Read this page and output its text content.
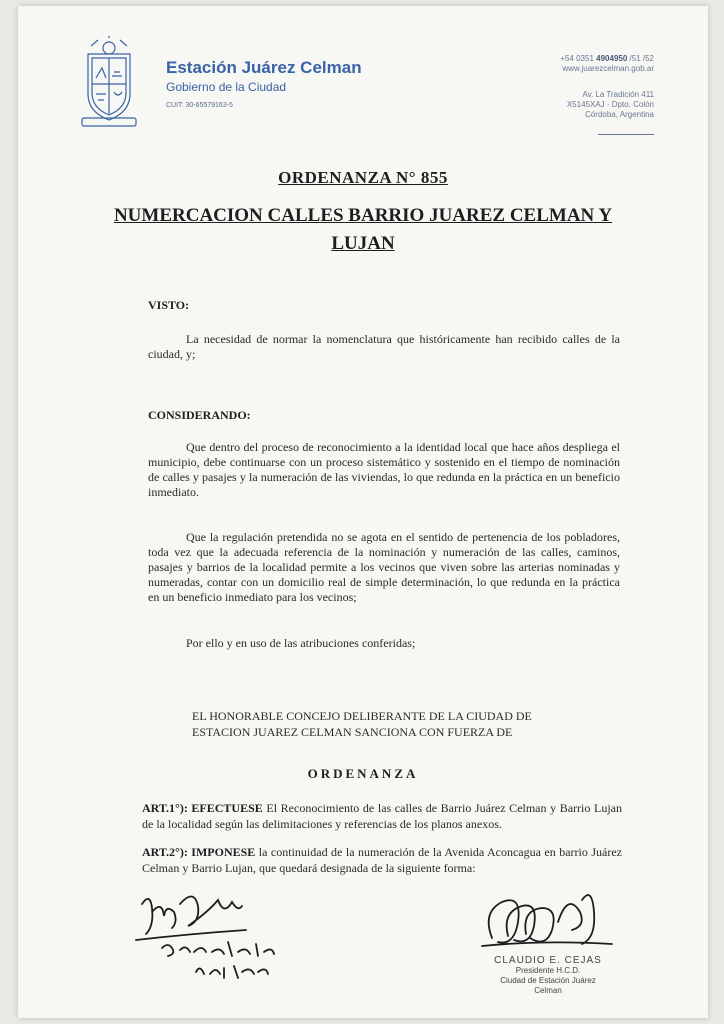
Estación Juárez Celman
Gobierno de la Ciudad
CUIT: 30-65579163-5
+54 0351 4904950 /51 /52
www.juarezcelman.gob.ar
Av. La Tradición 411
X5145XAJ · Dpto. Colón
Córdoba, Argentina
ORDENANZA N° 855
NUMERCACION CALLES BARRIO JUAREZ CELMAN Y LUJAN
VISTO:
La necesidad de normar la nomenclatura que históricamente han recibido calles de la ciudad, y;
CONSIDERANDO:
Que dentro del proceso de reconocimiento a la identidad local que hace años despliega el municipio, debe continuarse con un proceso sistemático y sostenido en el tiempo de nominación de calles y pasajes y la numeración de las viviendas, lo que redunda en la práctica en un beneficio inmediato.
Que la regulación pretendida no se agota en el sentido de pertenencia de los pobladores, toda vez que la adecuada referencia de la nominación y numeración de las calles, caminos, pasajes y barrios de la localidad permite a los vecinos que viven sobre las arterias nominadas y numeradas, contar con un domicilio real de simple determinación, lo que redunda en la práctica en un beneficio inmediato para los vecinos;
Por ello y en uso de las atribuciones conferidas;
EL HONORABLE CONCEJO DELIBERANTE DE LA CIUDAD DE
ESTACION JUAREZ CELMAN SANCIONA CON FUERZA DE
ORDENANZA
ART.1°): EFECTUESE El Reconocimiento de las calles de Barrio Juárez Celman y Barrio Lujan de la localidad según las delimitaciones y referencias de los planos anexos.
ART.2°): IMPONESE la continuidad de la numeración de la Avenida Aconcagua en barrio Juárez Celman y Barrio Lujan, que quedará designada de la siguiente forma:
CLAUDIO E. CEJAS
Presidente H.C.D.
Ciudad de Estación Juárez Celman
